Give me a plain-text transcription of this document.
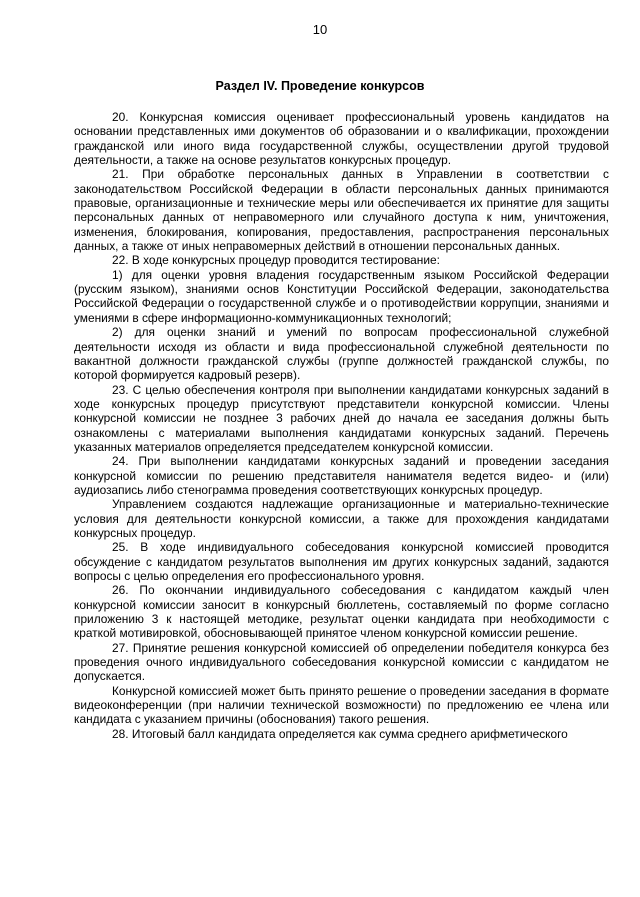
10
Раздел IV. Проведение конкурсов

20. Конкурсная комиссия оценивает профессиональный уровень кандидатов на основании представленных ими документов об образовании и о квалификации, прохождении гражданской или иного вида государственной службы, осуществлении другой трудовой деятельности, а также на основе результатов конкурсных процедур.

21. При обработке персональных данных в Управлении в соответствии с законодательством Российской Федерации в области персональных данных принимаются правовые, организационные и технические меры или обеспечивается их принятие для защиты персональных данных от неправомерного или случайного доступа к ним, уничтожения, изменения, блокирования, копирования, предоставления, распространения персональных данных, а также от иных неправомерных действий в отношении персональных данных.

22. В ходе конкурсных процедур проводится тестирование:

1) для оценки уровня владения государственным языком Российской Федерации (русским языком), знаниями основ Конституции Российской Федерации, законодательства Российской Федерации о государственной службе и о противодействии коррупции, знаниями и умениями в сфере информационно-коммуникационных технологий;

2) для оценки знаний и умений по вопросам профессиональной служебной деятельности исходя из области и вида профессиональной служебной деятельности по вакантной должности гражданской службы (группе должностей гражданской службы, по которой формируется кадровый резерв).

23. С целью обеспечения контроля при выполнении кандидатами конкурсных заданий в ходе конкурсных процедур присутствуют представители конкурсной комиссии. Члены конкурсной комиссии не позднее 3 рабочих дней до начала ее заседания должны быть ознакомлены с материалами выполнения кандидатами конкурсных заданий. Перечень указанных материалов определяется председателем конкурсной комиссии.

24. При выполнении кандидатами конкурсных заданий и проведении заседания конкурсной комиссии по решению представителя нанимателя ведется видео- и (или) аудиозапись либо стенограмма проведения соответствующих конкурсных процедур.

Управлением создаются надлежащие организационные и материально-технические условия для деятельности конкурсной комиссии, а также для прохождения кандидатами конкурсных процедур.

25. В ходе индивидуального собеседования конкурсной комиссией проводится обсуждение с кандидатом результатов выполнения им других конкурсных заданий, задаются вопросы с целью определения его профессионального уровня.

26. По окончании индивидуального собеседования с кандидатом каждый член конкурсной комиссии заносит в конкурсный бюллетень, составляемый по форме согласно приложению 3 к настоящей методике, результат оценки кандидата при необходимости с краткой мотивировкой, обосновывающей принятое членом конкурсной комиссии решение.

27. Принятие решения конкурсной комиссией об определении победителя конкурса без проведения очного индивидуального собеседования конкурсной комиссии с кандидатом не допускается.

Конкурсной комиссией может быть принято решение о проведении заседания в формате видеоконференции (при наличии технической возможности) по предложению ее члена или кандидата с указанием причины (обоснования) такого решения.

28. Итоговый балл кандидата определяется как сумма среднего арифметического
